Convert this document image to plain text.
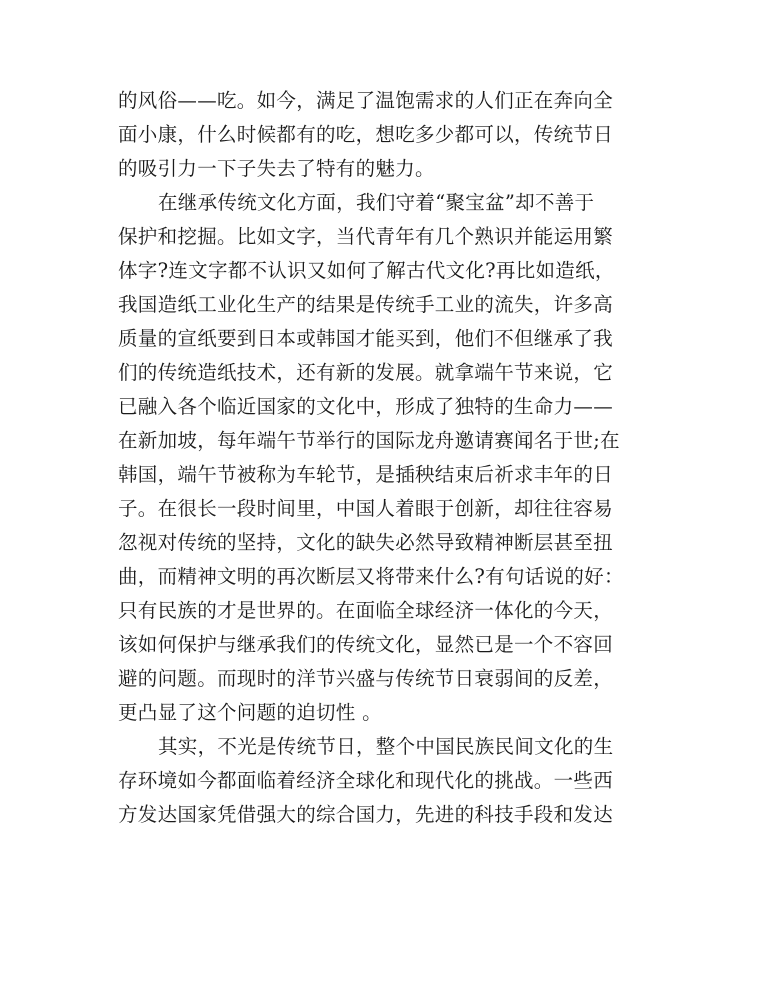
的风俗——吃。如今，满足了温饱需求的人们正在奔向全
面小康，什么时候都有的吃，想吃多少都可以，传统节日
的吸引力一下子失去了特有的魅力。
在继承传统文化方面，我们守着“聚宝盆”却不善于
保护和挖掘。比如文字，当代青年有几个熟识并能运用繁
体字?连文字都不认识又如何了解古代文化?再比如造纸，
我国造纸工业化生产的结果是传统手工业的流失，许多高
质量的宣纸要到日本或韩国才能买到，他们不但继承了我
们的传统造纸技术，还有新的发展。就拿端午节来说，它
已融入各个临近国家的文化中，形成了独特的生命力——
在新加坡，每年端午节举行的国际龙舟邀请赛闻名于世;在
韩国，端午节被称为车轮节，是插秧结束后祈求丰年的日
子。在很长一段时间里，中国人着眼于创新，却往往容易
忽视对传统的坚持，文化的缺失必然导致精神断层甚至扭
曲，而精神文明的再次断层又将带来什么?有句话说的好：
只有民族的才是世界的。在面临全球经济一体化的今天，
该如何保护与继承我们的传统文化，显然已是一个不容回
避的问题。而现时的洋节兴盛与传统节日衰弱间的反差，
更凸显了这个问题的迫切性 。
其实，不光是传统节日，整个中国民族民间文化的生
存环境如今都面临着经济全球化和现代化的挑战。一些西
方发达国家凭借强大的综合国力，先进的科技手段和发达
